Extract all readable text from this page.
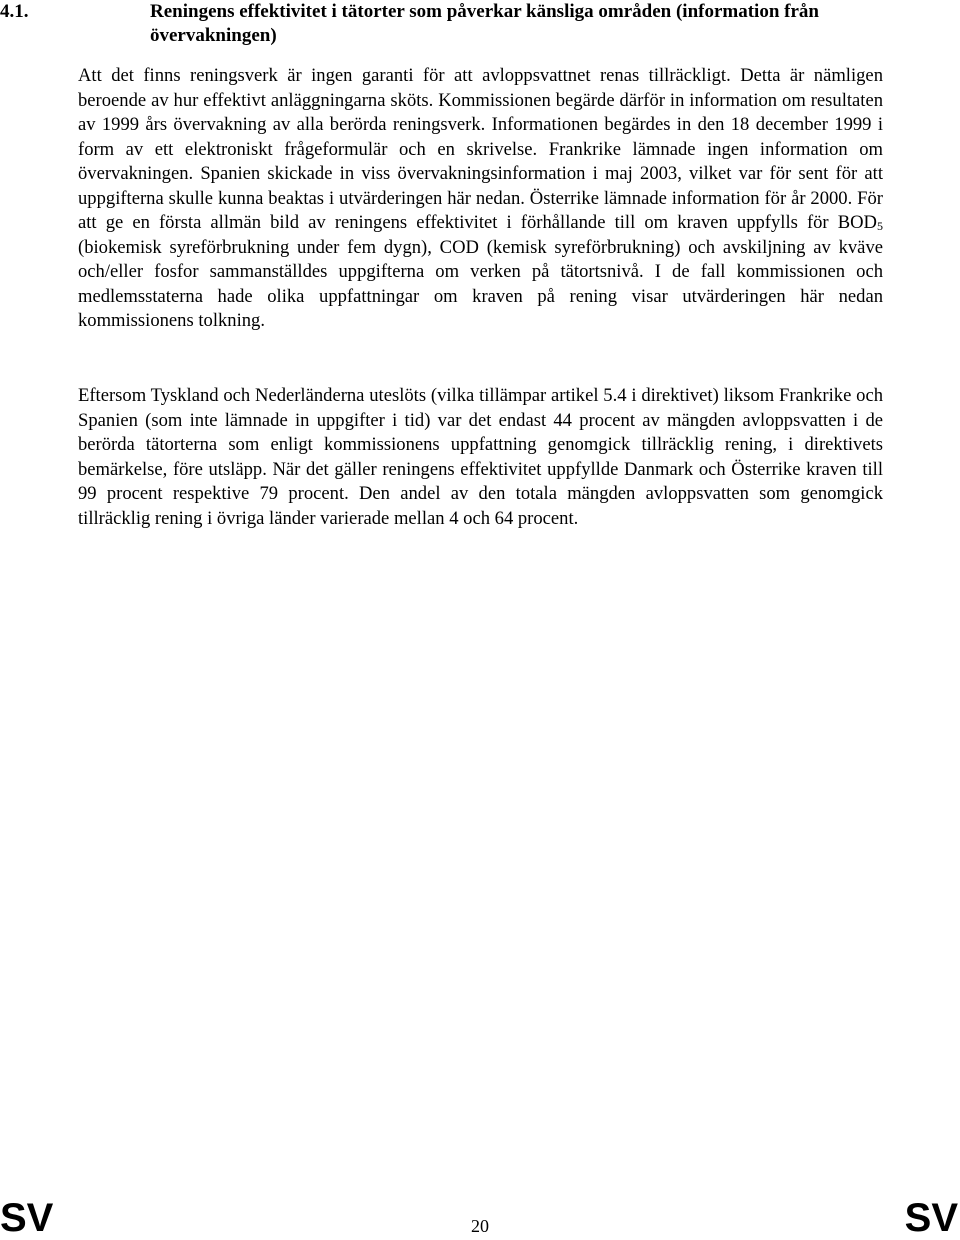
4.1.	Reningens effektivitet i tätorter som påverkar känsliga områden (information från övervakningen)

Att det finns reningsverk är ingen garanti för att avloppsvattnet renas tillräckligt. Detta är nämligen beroende av hur effektivt anläggningarna sköts. Kommissionen begärde därför in information om resultaten av 1999 års övervakning av alla berörda reningsverk. Informationen begärdes in den 18 december 1999 i form av ett elektroniskt frågeformulär och en skrivelse. Frankrike lämnade ingen information om övervakningen. Spanien skickade in viss övervakningsinformation i maj 2003, vilket var för sent för att uppgifterna skulle kunna beaktas i utvärderingen här nedan. Österrike lämnade information för år 2000. För att ge en första allmän bild av reningens effektivitet i förhållande till om kraven uppfylls för $BOD_5$ (biokemisk syreförbrukning under fem dygn), COD (kemisk syreförbrukning) och avskiljning av kväve och/eller fosfor sammanställdes uppgifterna om verken på tätortsnivå. I de fall kommissionen och medlemsstaterna hade olika uppfattningar om kraven på rening visar utvärderingen här nedan kommissionens tolkning.

Eftersom Tyskland och Nederländerna uteslöts (vilka tillämpar artikel 5.4 i direktivet) liksom Frankrike och Spanien (som inte lämnade in uppgifter i tid) var det endast 44 procent av mängden avloppsvatten i de berörda tätorterna som enligt kommissionens uppfattning genomgick tillräcklig rening, i direktivets bemärkelse, före utsläpp. När det gäller reningens effektivitet uppfyllde Danmark och Österrike kraven till 99 procent respektive 79 procent. Den andel av den totala mängden avloppsvatten som genomgick tillräcklig rening i övriga länder varierade mellan 4 och 64 procent.

SV	20	SV
